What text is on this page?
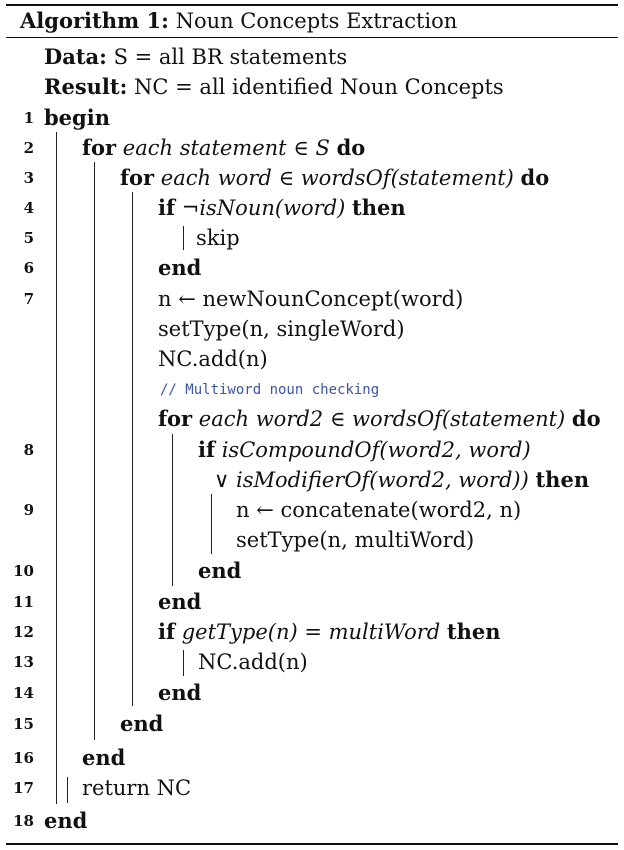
Algorithm 1: Noun Concepts Extraction
Data: S = all BR statements
Result: NC = all identified Noun Concepts
1 begin
2 for each statement ∈ S do
3	for each word ∈ wordsOf(statement) do
4	if ¬isNoun(word) then
5	skip
6	end
7	n ← newNounConcept(word)
setType(n, singleWord)
NC.add(n)
// Multiword noun checking
for each word2 ∈ wordsOf(statement) do
8	if isCompoundOf(word2, word)
∨ isModifierOf(word2, word)) then
9	n ← concatenate(word2, n)
setType(n, multiWord)
10	end
11	end
12	if getType(n) = multiWord then
13	NC.add(n)
14	end
15	end
16 end
17 return NC
18 end
